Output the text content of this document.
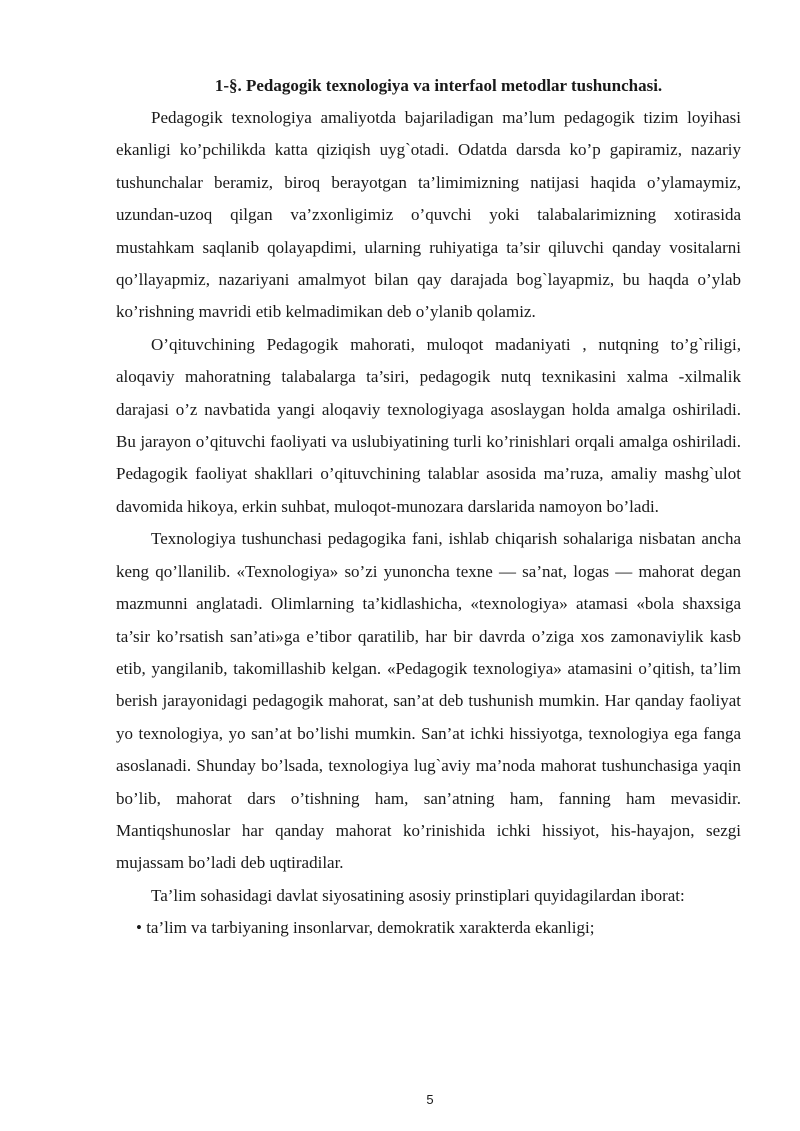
1-§. Pedagogik texnologiya va interfaol metodlar tushunchasi.

Pedagogik texnologiya amaliyotda bajariladigan ma’lum pedagogik tizim loyihasi ekanligi ko’pchilikda katta qiziqish uyg`otadi. Odatda darsda ko’p gapiramiz, nazariy tushunchalar beramiz, biroq berayotgan ta’limimizning natijasi haqida o’ylamaymiz, uzundan-uzoq qilgan va’zxonligimiz o’quvchi yoki talabalarimizning xotirasida mustahkam saqlanib qolayapdimi, ularning ruhiyatiga ta’sir qiluvchi qanday vositalarni qo’llayapmiz, nazariyani amalmyot bilan qay darajada bog`layapmiz, bu haqda o’ylab ko’rishning mavridi etib kelmadimikan deb o’ylanib qolamiz.

O’qituvchining Pedagogik mahorati, muloqot madaniyati , nutqning to’g`riligi, aloqaviy mahoratning talabalarga ta’siri, pedagogik nutq texnikasini xalma -xilmalik darajasi o’z navbatida yangi aloqaviy texnologiyaga asoslaygan holda amalga oshiriladi. Bu jarayon o’qituvchi faoliyati va uslubiyatining turli ko’rinishlari orqali amalga oshiriladi. Pedagogik faoliyat shakllari o’qituvchining talablar asosida ma’ruza, amaliy mashg`ulot davomida hikoya, erkin suhbat, muloqot-munozara darslarida namoyon bo’ladi.

Texnologiya tushunchasi pedagogika fani, ishlab chiqarish sohalariga nisbatan ancha keng qo’llanilib. «Texnologiya» so’zi yunoncha texne — sa’nat, logas — mahorat degan mazmunni anglatadi. Olimlarning ta’kidlashicha, «texnologiya» atamasi «bola shaxsiga ta’sir ko’rsatish san’ati»ga e’tibor qaratilib, har bir davrda o’ziga xos zamonaviylik kasb etib, yangilanib, takomillashib kelgan. «Pedagogik texnologiya» atamasini o’qitish, ta’lim berish jarayonidagi pedagogik mahorat, san’at deb tushunish mumkin. Har qanday faoliyat yo texnologiya, yo san’at bo’lishi mumkin. San’at ichki hissiyotga, texnologiya ega fanga asoslanadi. Shunday bo’lsada, texnologiya lug`aviy ma’noda mahorat tushunchasiga yaqin bo’lib, mahorat dars o’tishning ham, san’atning ham, fanning ham mevasidir. Mantiqshunoslar har qanday mahorat ko’rinishida ichki hissiyot, his-hayajon, sezgi mujassam bo’ladi deb uqtiradilar.

Ta’lim sohasidagi davlat siyosatining asosiy prinstiplari quyidagilardan iborat:

• ta’lim va tarbiyaning insonlarvar, demokratik xarakterda ekanligi;

5
